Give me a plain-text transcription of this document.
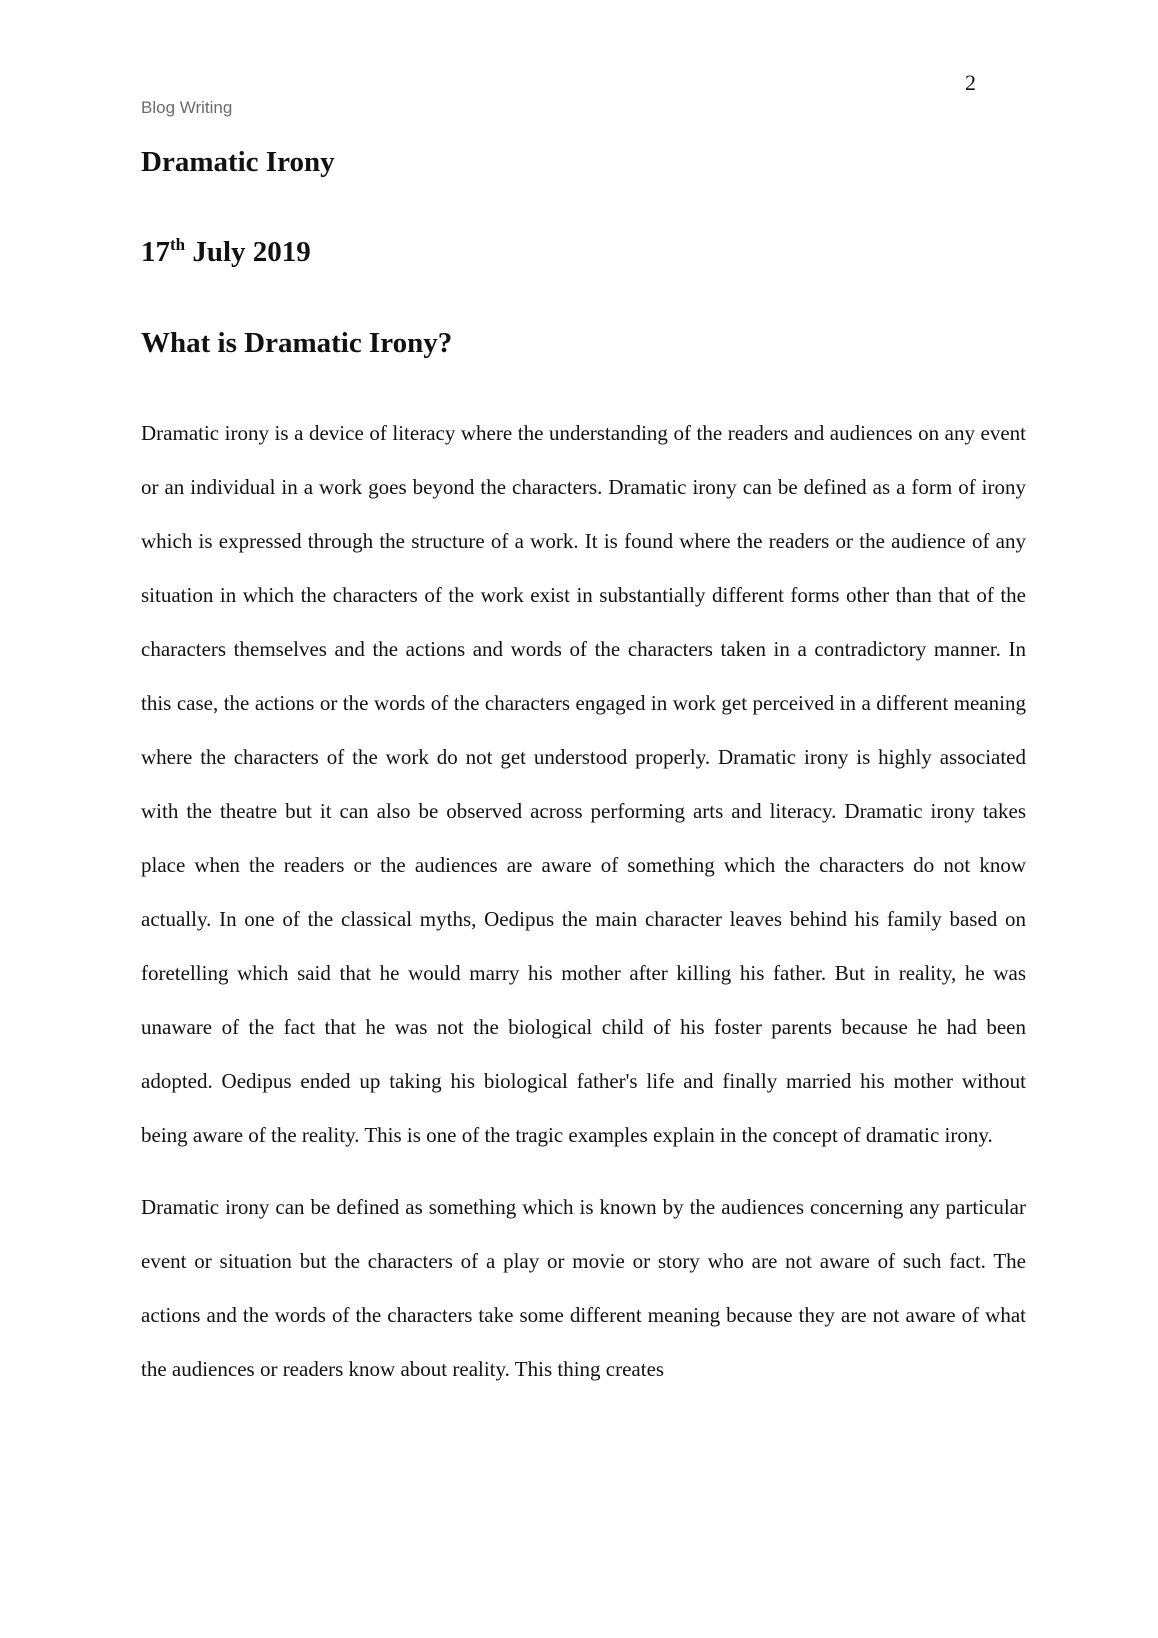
2
Blog Writing
Dramatic Irony
17th July 2019
What is Dramatic Irony?

Dramatic irony is a device of literacy where the understanding of the readers and audiences on any event or an individual in a work goes beyond the characters. Dramatic irony can be defined as a form of irony which is expressed through the structure of a work. It is found where the readers or the audience of any situation in which the characters of the work exist in substantially different forms other than that of the characters themselves and the actions and words of the characters taken in a contradictory manner. In this case, the actions or the words of the characters engaged in work get perceived in a different meaning where the characters of the work do not get understood properly. Dramatic irony is highly associated with the theatre but it can also be observed across performing arts and literacy. Dramatic irony takes place when the readers or the audiences are aware of something which the characters do not know actually. In one of the classical myths, Oedipus the main character leaves behind his family based on foretelling which said that he would marry his mother after killing his father. But in reality, he was unaware of the fact that he was not the biological child of his foster parents because he had been adopted. Oedipus ended up taking his biological father's life and finally married his mother without being aware of the reality. This is one of the tragic examples explain in the concept of dramatic irony.

Dramatic irony can be defined as something which is known by the audiences concerning any particular event or situation but the characters of a play or movie or story who are not aware of such fact. The actions and the words of the characters take some different meaning because they are not aware of what the audiences or readers know about reality. This thing creates
